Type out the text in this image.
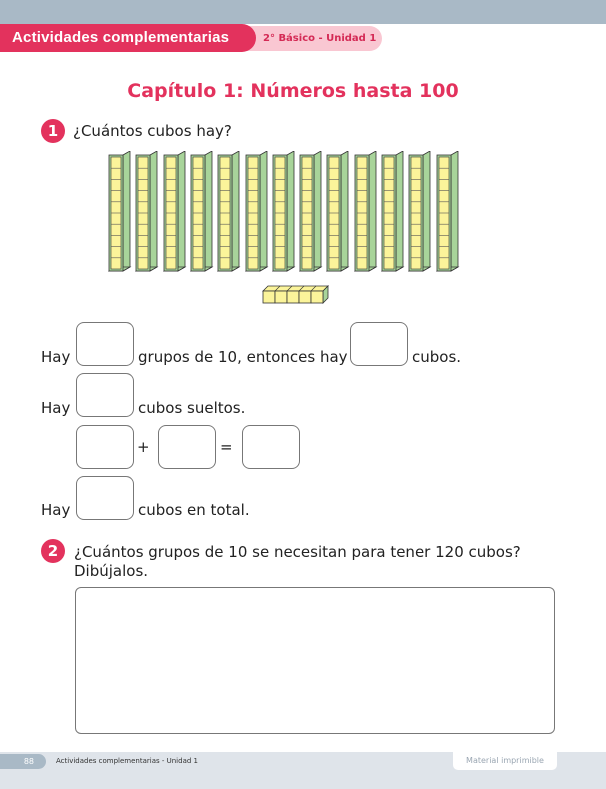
Actividades complementarias	2° Básico - Unidad 1
Capítulo 1: Números hasta 100
1 ¿Cuántos cubos hay?
Hay	grupos de 10, entonces hay	cubos.
Hay	cubos sueltos.
+	=
Hay	cubos en total.
2	¿Cuántos grupos de 10 se necesitan para tener 120 cubos?
Dibújalos.
88	Actividades complementarias - Unidad 1	Material imprimible
